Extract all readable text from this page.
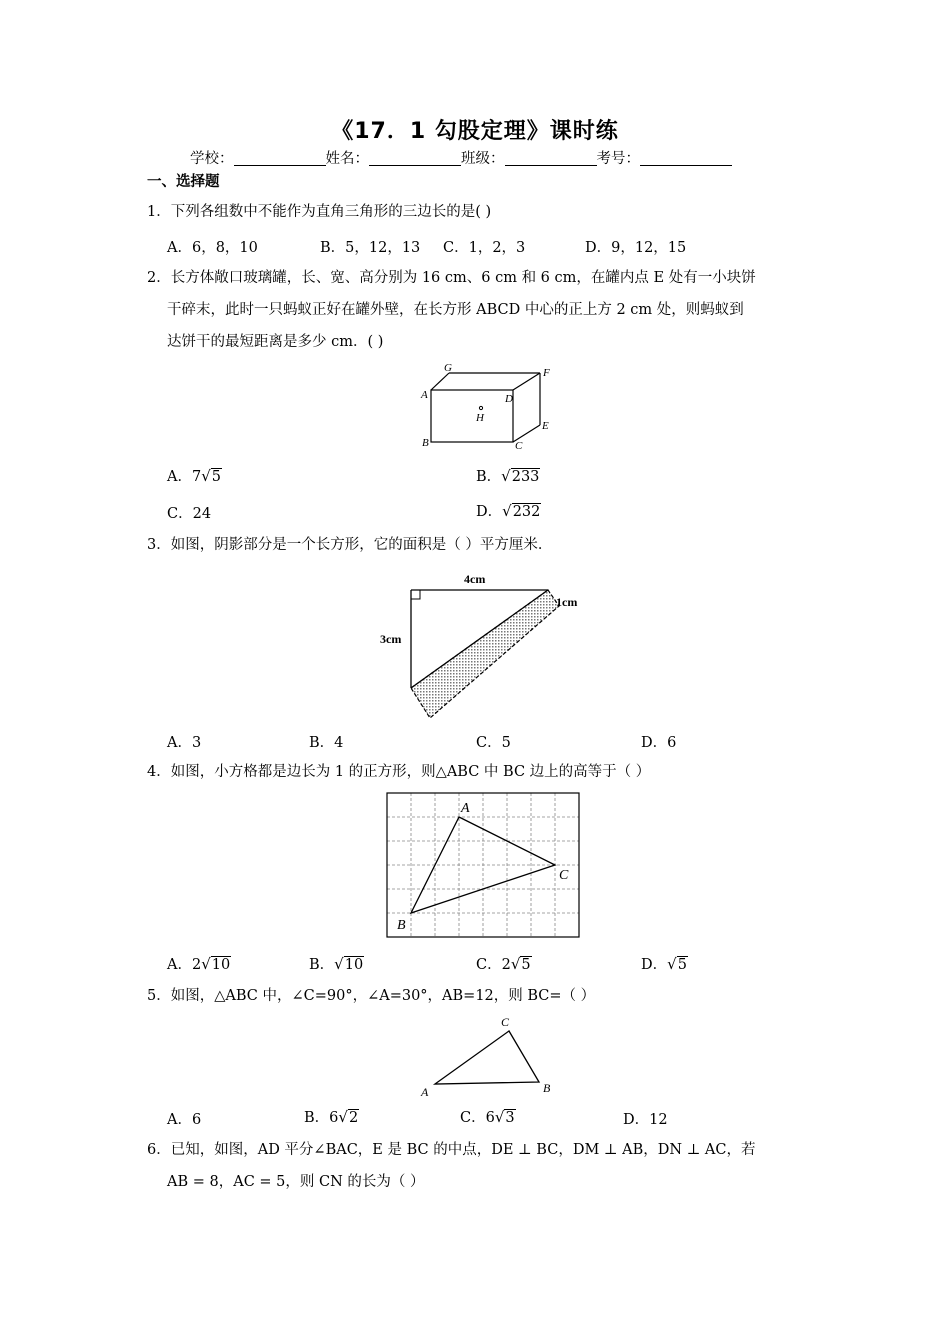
《17．1 勾股定理》课时练
学校：	姓名：	班级：	考号：
一、选择题
1．下列各组数中不能作为直角三角形的三边长的是( )
A．6，8，10	B．5，12，13 C．1，2，3	D．9，12，15
2．长方体敞口玻璃罐，长、宽、高分别为 16 cm、6 cm 和 6 cm，在罐内点 E 处有一小块饼
干碎末，此时一只蚂蚁正好在罐外壁，在长方形 ABCD 中心的正上方 2 cm 处，则蚂蚁到
达饼干的最短距离是多少 cm．( )
G	F
A	D
H
B	C
E
A．7√5	B．√233
C．24	D．√232
3．如图，阴影部分是一个长方形，它的面积是（ ）平方厘米．
4cm
3cm
1cm
A．3	B．4	C．5	D．6
4．如图，小方格都是边长为 1 的正方形，则△ABC 中 BC 边上的高等于（ ）
A
B
C
A．2√10	B．√10	C．2√5	D．√5
5．如图，△ABC 中，∠C=90°，∠A=30°，AB=12，则 BC=（ ）
C
A	B
A．6	B．6√2	C．6√3	D．12
6．已知，如图，AD 平分∠BAC，E 是 BC 的中点，DE ⊥ BC，DM ⊥ AB，DN ⊥ AC，若
AB = 8，AC = 5，则 CN 的长为（ ）
